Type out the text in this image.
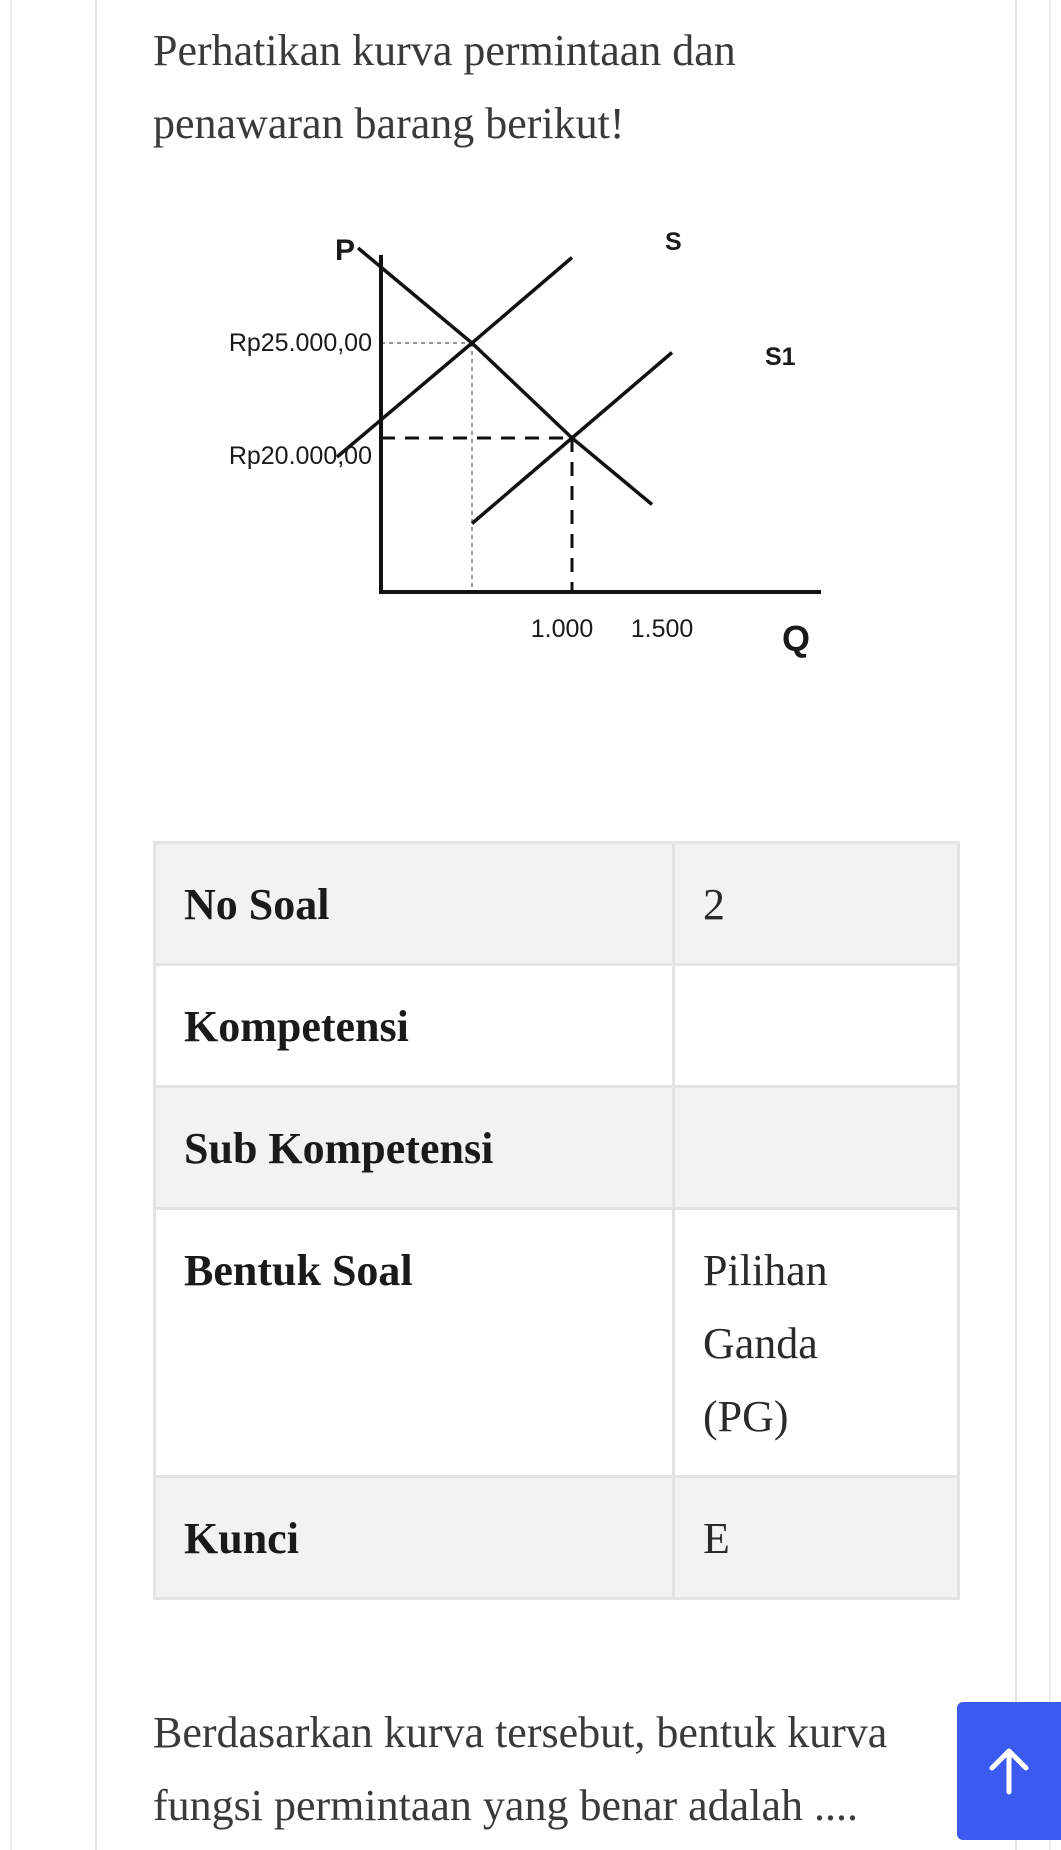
Perhatikan kurva permintaan dan
penawaran barang berikut!

P
Q
Rp25.000,00
Rp20.000,00
1.000 1.500
S
S1
No Soal	2

Kompetensi	

Sub Kompetensi	

Bentuk Soal	Pilihan
Ganda
(PG)

Kunci	E

Berdasarkan kurva tersebut, bentuk kurva
fungsi permintaan yang benar adalah ....
